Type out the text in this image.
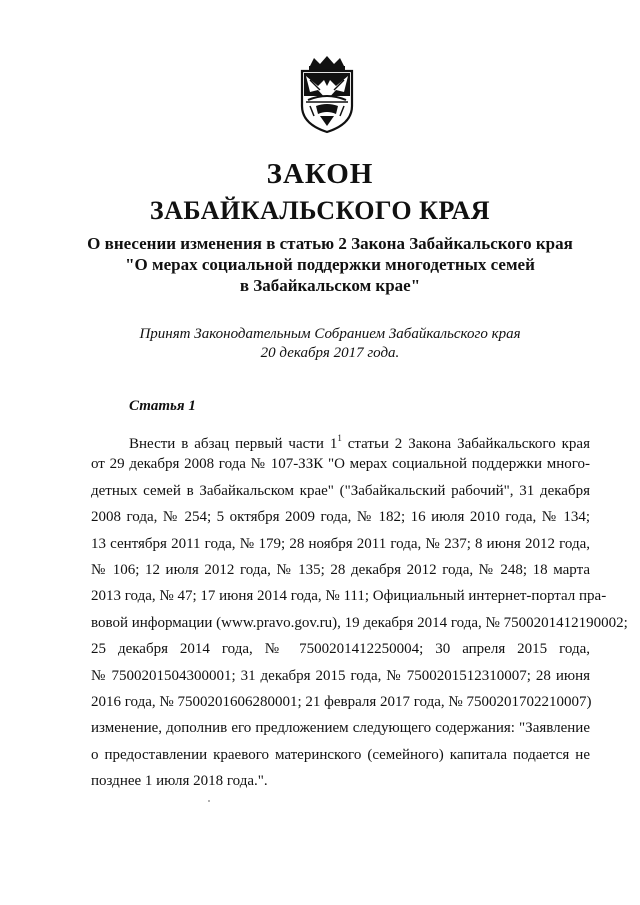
ЗАКОН
ЗАБАЙКАЛЬСКОГО КРАЯ
О внесении изменения в статью 2 Закона Забайкальского края
"О мерах социальной поддержки многодетных семей
в Забайкальском крае"
Принят Законодательным Собранием Забайкальского края
20 декабря 2017 года.
Статья 1
Внести в абзац первый части $1^1$ статьи 2 Закона Забайкальского края
от 29 декабря 2008 года № 107-ЗЗК "О мерах социальной поддержки много-
детных семей в Забайкальском крае" ("Забайкальский рабочий", 31 декабря
2008 года, № 254; 5 октября 2009 года, № 182; 16 июля 2010 года, № 134;
13 сентября 2011 года, № 179; 28 ноября 2011 года, № 237; 8 июня 2012 года,
№ 106; 12 июля 2012 года, № 135; 28 декабря 2012 года, № 248; 18 марта
2013 года, № 47; 17 июня 2014 года, № 111; Официальный интернет-портал пра-
вовой информации (www.pravo.gov.ru), 19 декабря 2014 года, № 7500201412190002;
25 декабря 2014 года, № 7500201412250004; 30 апреля 2015 года,
№ 7500201504300001; 31 декабря 2015 года, № 7500201512310007; 28 июня
2016 года, № 7500201606280001; 21 февраля 2017 года, № 7500201702210007)
изменение, дополнив его предложением следующего содержания: "Заявление
о предоставлении краевого материнского (семейного) капитала подается не
позднее 1 июля 2018 года.".
